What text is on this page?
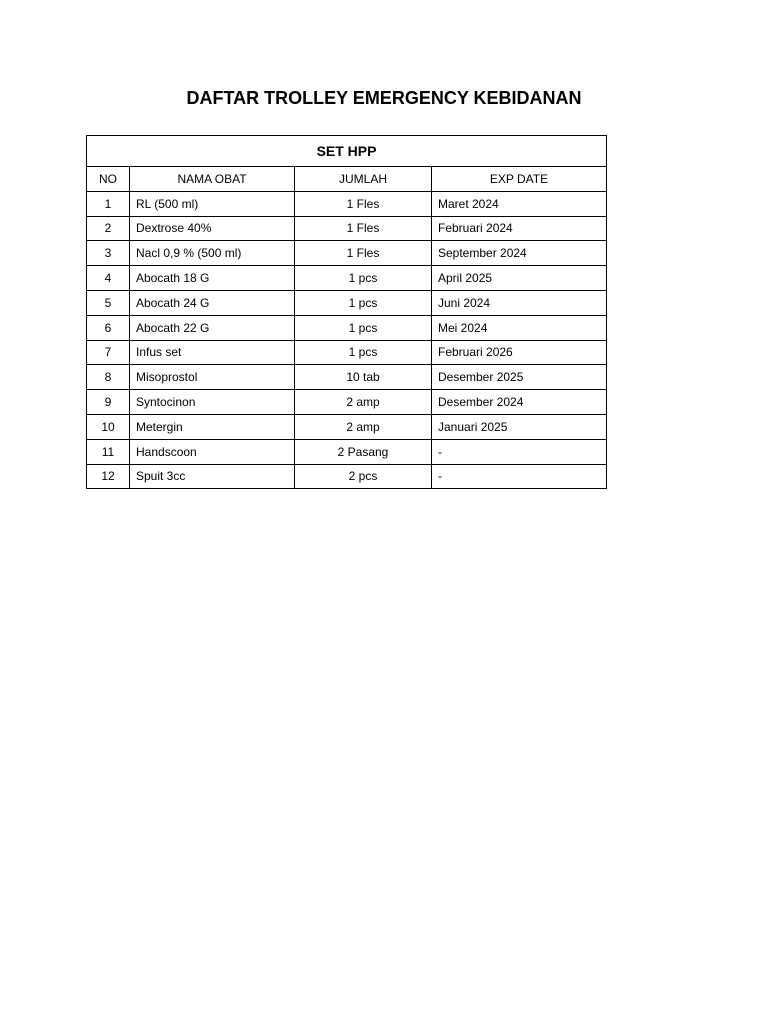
DAFTAR TROLLEY EMERGENCY KEBIDANAN
SET HPP			
NO	NAMA OBAT	JUMLAH	EXP DATE
1	RL (500 ml)	1 Fles	Maret 2024
2	Dextrose 40%	1 Fles	Februari 2024
3	Nacl 0,9 % (500 ml)	1 Fles	September 2024
4	Abocath 18 G	1 pcs	April 2025
5	Abocath 24 G	1 pcs	Juni 2024
6	Abocath 22 G	1 pcs	Mei 2024
7	Infus set	1 pcs	Februari 2026
8	Misoprostol	10 tab	Desember 2025
9	Syntocinon	2 amp	Desember 2024
10	Metergin	2 amp	Januari 2025
11	Handscoon	2 Pasang	-
12	Spuit 3cc	2 pcs	-
